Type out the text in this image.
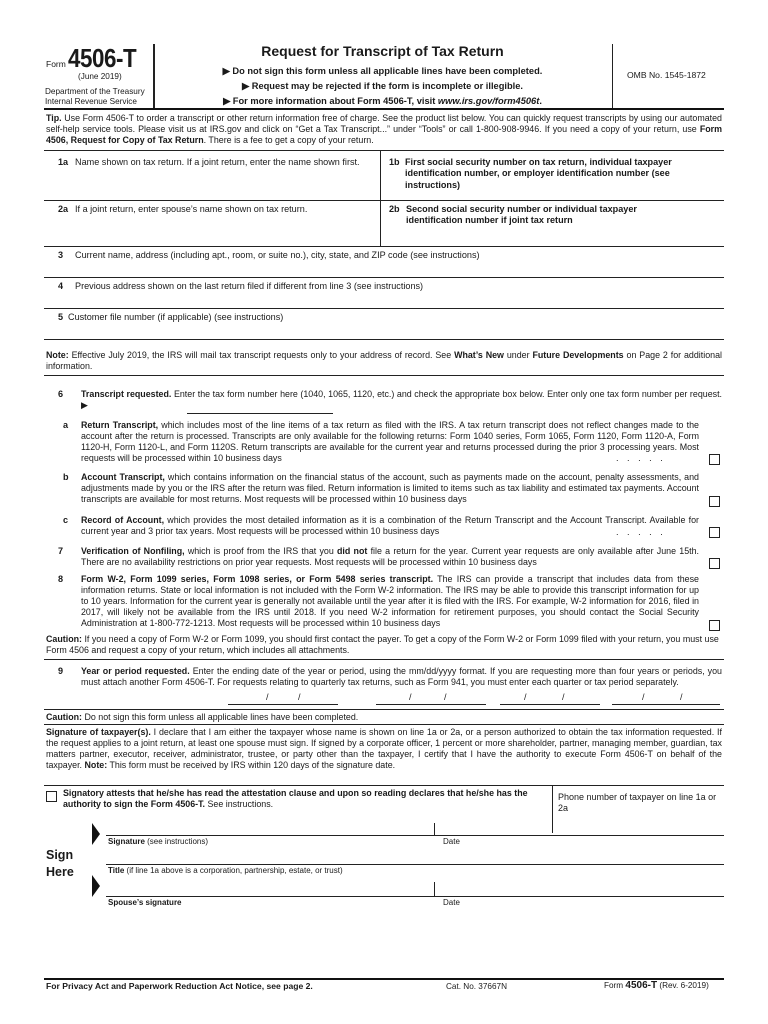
Form 4506-T
(June 2019)
Department of the Treasury
Internal Revenue Service
Request for Transcript of Tax Return
▶ Do not sign this form unless all applicable lines have been completed.
▶ Request may be rejected if the form is incomplete or illegible.
▶ For more information about Form 4506-T, visit www.irs.gov/form4506t.
OMB No. 1545-1872
Tip. Use Form 4506-T to order a transcript or other return information free of charge. See the product list below. You can quickly request transcripts by using our automated self-help service tools. Please visit us at IRS.gov and click on “Get a Tax Transcript...” under “Tools” or call 1-800-908-9946. If you need a copy of your return, use Form 4506, Request for Copy of Tax Return. There is a fee to get a copy of your return.
1a Name shown on tax return. If a joint return, enter the name shown first.	1b First social security number on tax return, individual taxpayer identification number, or employer identification number (see instructions)
2a If a joint return, enter spouse’s name shown on tax return.	2b Second social security number or individual taxpayer identification number if joint tax return
3 Current name, address (including apt., room, or suite no.), city, state, and ZIP code (see instructions)
4 Previous address shown on the last return filed if different from line 3 (see instructions)
5 Customer file number (if applicable) (see instructions)
Note: Effective July 2019, the IRS will mail tax transcript requests only to your address of record. See What’s New under Future Developments on Page 2 for additional information.
6 Transcript requested. Enter the tax form number here (1040, 1065, 1120, etc.) and check the appropriate box below. Enter only one tax form number per request. ▶
a Return Transcript, which includes most of the line items of a tax return as filed with the IRS. A tax return transcript does not reflect changes made to the account after the return is processed. Transcripts are only available for the following returns: Form 1040 series, Form 1065, Form 1120, Form 1120-A, Form 1120-H, Form 1120-L, and Form 1120S. Return transcripts are available for the current year and returns processed during the prior 3 processing years. Most requests will be processed within 10 business days	. . . . .
b Account Transcript, which contains information on the financial status of the account, such as payments made on the account, penalty assessments, and adjustments made by you or the IRS after the return was filed. Return information is limited to items such as tax liability and estimated tax payments. Account transcripts are available for most returns. Most requests will be processed within 10 business days
c Record of Account, which provides the most detailed information as it is a combination of the Return Transcript and the Account Transcript. Available for current year and 3 prior tax years. Most requests will be processed within 10 business days	. . . . .
7 Verification of Nonfiling, which is proof from the IRS that you did not file a return for the year. Current year requests are only available after June 15th. There are no availability restrictions on prior year requests. Most requests will be processed within 10 business days
8 Form W-2, Form 1099 series, Form 1098 series, or Form 5498 series transcript. The IRS can provide a transcript that includes data from these information returns. State or local information is not included with the Form W-2 information. The IRS may be able to provide this transcript information for up to 10 years. Information for the current year is generally not available until the year after it is filed with the IRS. For example, W-2 information for 2016, filed in 2017, will likely not be available from the IRS until 2018. If you need W-2 information for retirement purposes, you should contact the Social Security Administration at 1-800-772-1213. Most requests will be processed within 10 business days
Caution: If you need a copy of Form W-2 or Form 1099, you should first contact the payer. To get a copy of the Form W-2 or Form 1099 filed with your return, you must use Form 4506 and request a copy of your return, which includes all attachments.
9 Year or period requested. Enter the ending date of the year or period, using the mm/dd/yyyy format. If you are requesting more than four years or periods, you must attach another Form 4506-T. For requests relating to quarterly tax returns, such as Form 941, you must enter each quarter or tax period separately.
/	/	/	/	/	/	/	/
Caution: Do not sign this form unless all applicable lines have been completed.
Signature of taxpayer(s). I declare that I am either the taxpayer whose name is shown on line 1a or 2a, or a person authorized to obtain the tax information requested. If the request applies to a joint return, at least one spouse must sign. If signed by a corporate officer, 1 percent or more shareholder, partner, managing member, guardian, tax matters partner, executor, receiver, administrator, trustee, or party other than the taxpayer, I certify that I have the authority to execute Form 4506-T on behalf of the taxpayer. Note: This form must be received by IRS within 120 days of the signature date.
Signatory attests that he/she has read the attestation clause and upon so reading declares that he/she has the authority to sign the Form 4506-T. See instructions.
Phone number of taxpayer on line 1a or 2a
Sign
Here
Signature (see instructions)	Date
Title (if line 1a above is a corporation, partnership, estate, or trust)
Spouse’s signature	Date
For Privacy Act and Paperwork Reduction Act Notice, see page 2.	Cat. No. 37667N	Form 4506-T (Rev. 6-2019)
